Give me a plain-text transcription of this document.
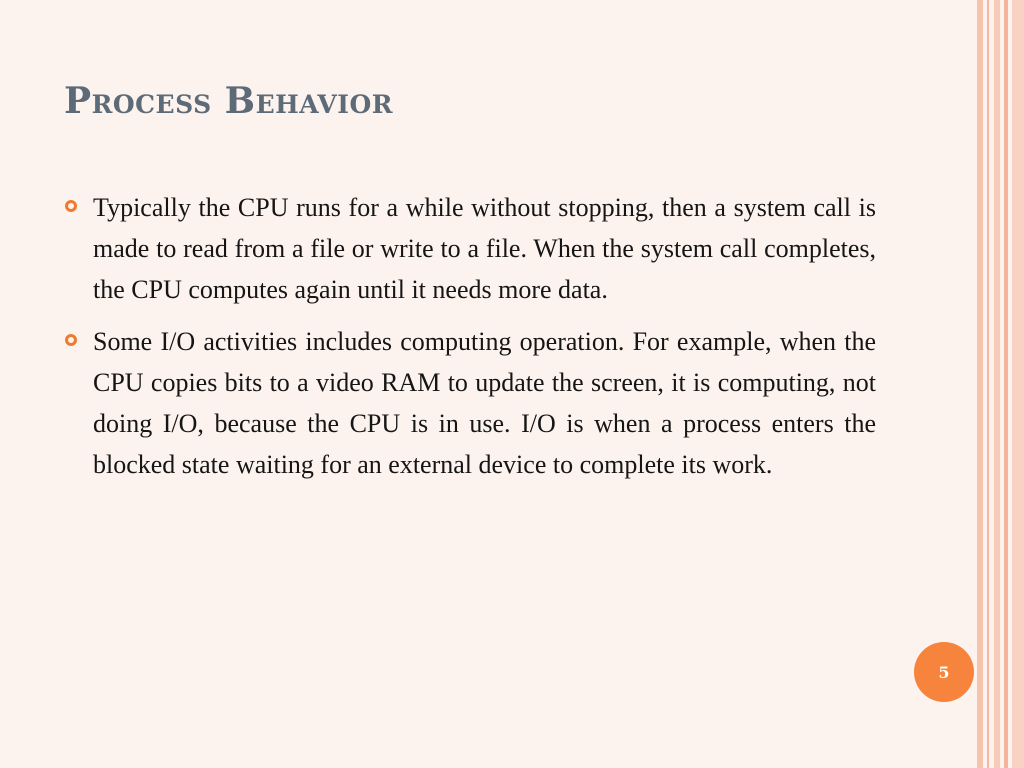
Process Behavior
Typically the CPU runs for a while without stopping, then a system call is made to read from a file or write to a file. When the system call completes, the CPU computes again until it needs more data.
Some I/O activities includes computing operation. For example, when the CPU copies bits to a video RAM to update the screen, it is computing, not doing I/O, because the CPU is in use. I/O is when a process enters the blocked state waiting for an external device to complete its work.
5
